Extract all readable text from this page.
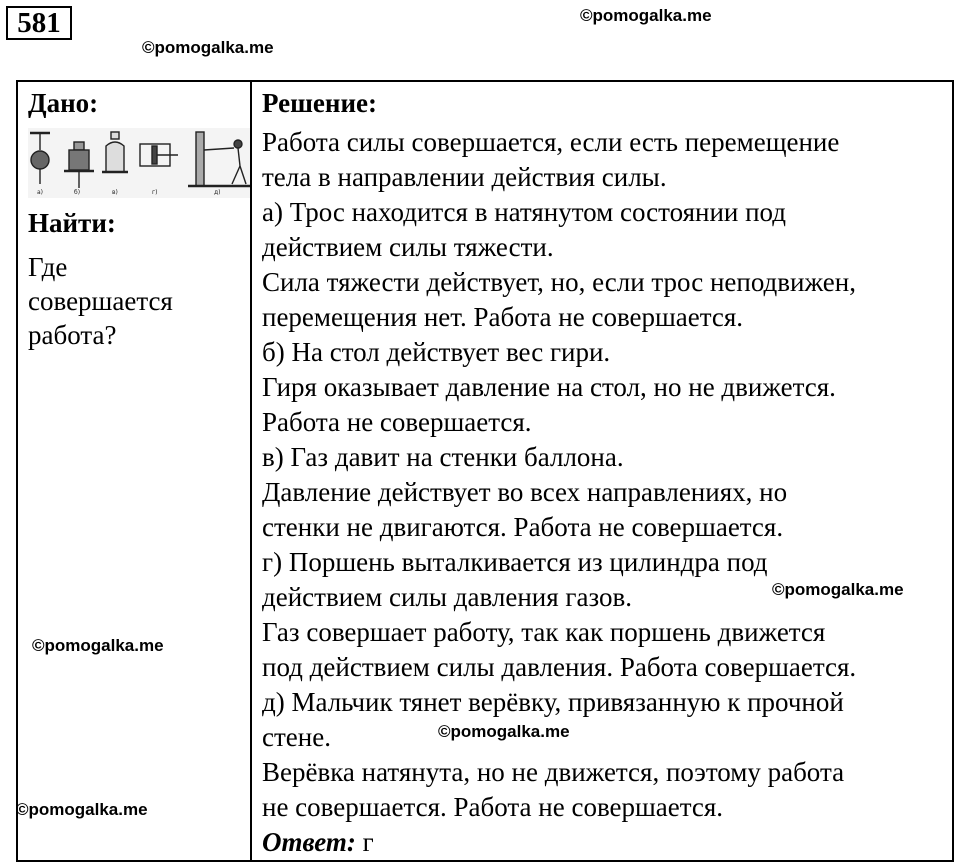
581	©pomogalka.me
©pomogalka.me
Дано:
а)	б)	в)	г)	д)
Найти:
Где
совершается
работа?
Решение:
Работа силы совершается, если есть перемещение
тела в направлении действия силы.
а) Трос находится в натянутом состоянии под
действием силы тяжести.
Сила тяжести действует, но, если трос неподвижен,
перемещения нет. Работа не совершается.
б) На стол действует вес гири.
Гиря оказывает давление на стол, но не движется.
Работа не совершается.
в) Газ давит на стенки баллона.
Давление действует во всех направлениях, но
стенки не двигаются. Работа не совершается.
г) Поршень выталкивается из цилиндра под
действием силы давления газов.
Газ совершает работу, так как поршень движется
под действием силы давления. Работа совершается.
д) Мальчик тянет верёвку, привязанную к прочной
стене.
Верёвка натянута, но не движется, поэтому работа
не совершается. Работа не совершается.
Ответ: г
©pomogalka.me
©pomogalka.me
©pomogalka.me
©pomogalka.me
